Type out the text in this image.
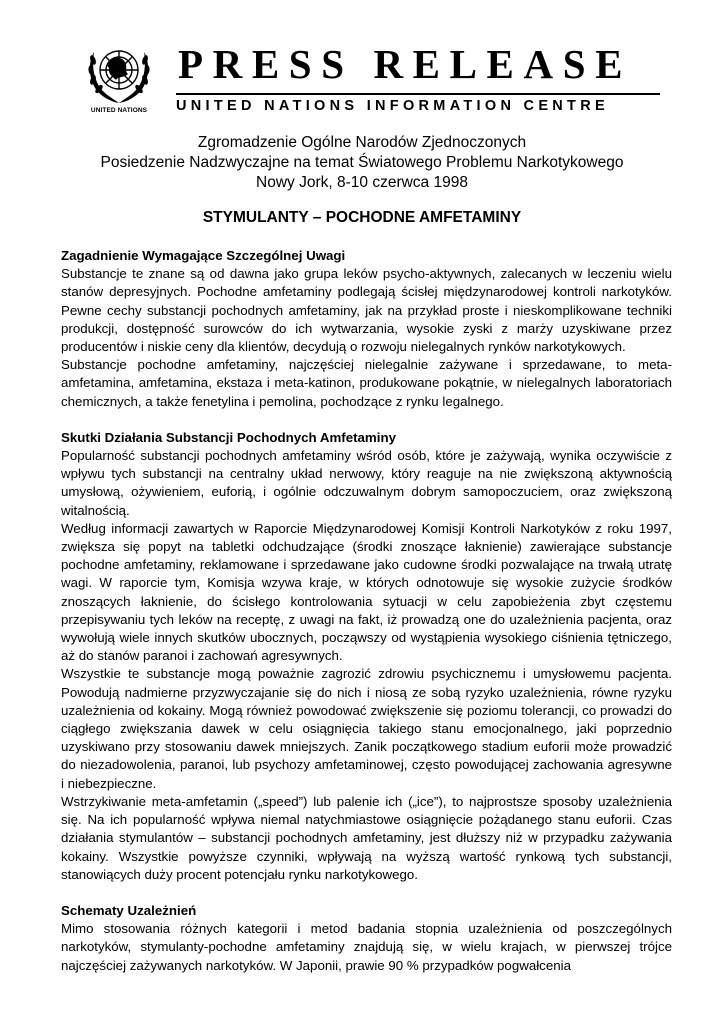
UNITED NATIONS
PRESS RELEASE
UNITED NATIONS INFORMATION CENTRE
Zgromadzenie Ogólne Narodów Zjednoczonych
Posiedzenie Nadzwyczajne na temat Światowego Problemu Narkotykowego
Nowy Jork, 8-10 czerwca 1998
STYMULANTY – POCHODNE AMFETAMINY
Zagadnienie Wymagające Szczególnej Uwagi
Substancje te znane są od dawna jako grupa leków psycho-aktywnych, zalecanych w leczeniu wielu stanów depresyjnych. Pochodne amfetaminy podlegają ścisłej międzynarodowej kontroli narkotyków. Pewne cechy substancji pochodnych amfetaminy, jak na przykład proste i nieskomplikowane techniki produkcji, dostępność surowców do ich wytwarzania, wysokie zyski z marży uzyskiwane przez producentów i niskie ceny dla klientów, decydują o rozwoju nielegalnych rynków narkotykowych.
Substancje pochodne amfetaminy, najczęściej nielegalnie zażywane i sprzedawane, to meta-amfetamina, amfetamina, ekstaza i meta-katinon, produkowane pokątnie, w nielegalnych laboratoriach chemicznych, a także fenetylina i pemolina, pochodzące z rynku legalnego.
Skutki Działania Substancji Pochodnych Amfetaminy
Popularność substancji pochodnych amfetaminy wśród osób, które je zażywają, wynika oczywiście z wpływu tych substancji na centralny układ nerwowy, który reaguje na nie zwiększoną aktywnością umysłową, ożywieniem, euforią, i ogólnie odczuwalnym dobrym samopoczuciem, oraz zwiększoną witalnością.
Według informacji zawartych w Raporcie Międzynarodowej Komisji Kontroli Narkotyków z roku 1997, zwiększa się popyt na tabletki odchudzające (środki znoszące łaknienie) zawierające substancje pochodne amfetaminy, reklamowane i sprzedawane jako cudowne środki pozwalające na trwałą utratę wagi. W raporcie tym, Komisja wzywa kraje, w których odnotowuje się wysokie zużycie środków znoszących łaknienie, do ścisłego kontrolowania sytuacji w celu zapobieżenia zbyt częstemu przepisywaniu tych leków na receptę, z uwagi na fakt, iż prowadzą one do uzależnienia pacjenta, oraz wywołują wiele innych skutków ubocznych, począwszy od wystąpienia wysokiego ciśnienia tętniczego, aż do stanów paranoi i zachowań agresywnych.
Wszystkie te substancje mogą poważnie zagrozić zdrowiu psychicznemu i umysłowemu pacjenta. Powodują nadmierne przyzwyczajanie się do nich i niosą ze sobą ryzyko uzależnienia, równe ryzyku uzależnienia od kokainy. Mogą również powodować zwiększenie się poziomu tolerancji, co prowadzi do ciągłego zwiększania dawek w celu osiągnięcia takiego stanu emocjonalnego, jaki poprzednio uzyskiwano przy stosowaniu dawek mniejszych. Zanik początkowego stadium euforii może prowadzić do niezadowolenia, paranoi, lub psychozy amfetaminowej, często powodującej zachowania agresywne i niebezpieczne.
Wstrzykiwanie meta-amfetamin („speed”) lub palenie ich („ice”), to najprostsze sposoby uzależnienia się. Na ich popularność wpływa niemal natychmiastowe osiągnięcie pożądanego stanu euforii. Czas działania stymulantów – substancji pochodnych amfetaminy, jest dłuższy niż w przypadku zażywania kokainy. Wszystkie powyższe czynniki, wpływają na wyższą wartość rynkową tych substancji, stanowiących duży procent potencjału rynku narkotykowego.
Schematy Uzależnień
Mimo stosowania różnych kategorii i metod badania stopnia uzależnienia od poszczególnych narkotyków, stymulanty-pochodne amfetaminy znajdują się, w wielu krajach, w pierwszej trójce najczęściej zażywanych narkotyków. W Japonii, prawie 90 % przypadków pogwałcenia
